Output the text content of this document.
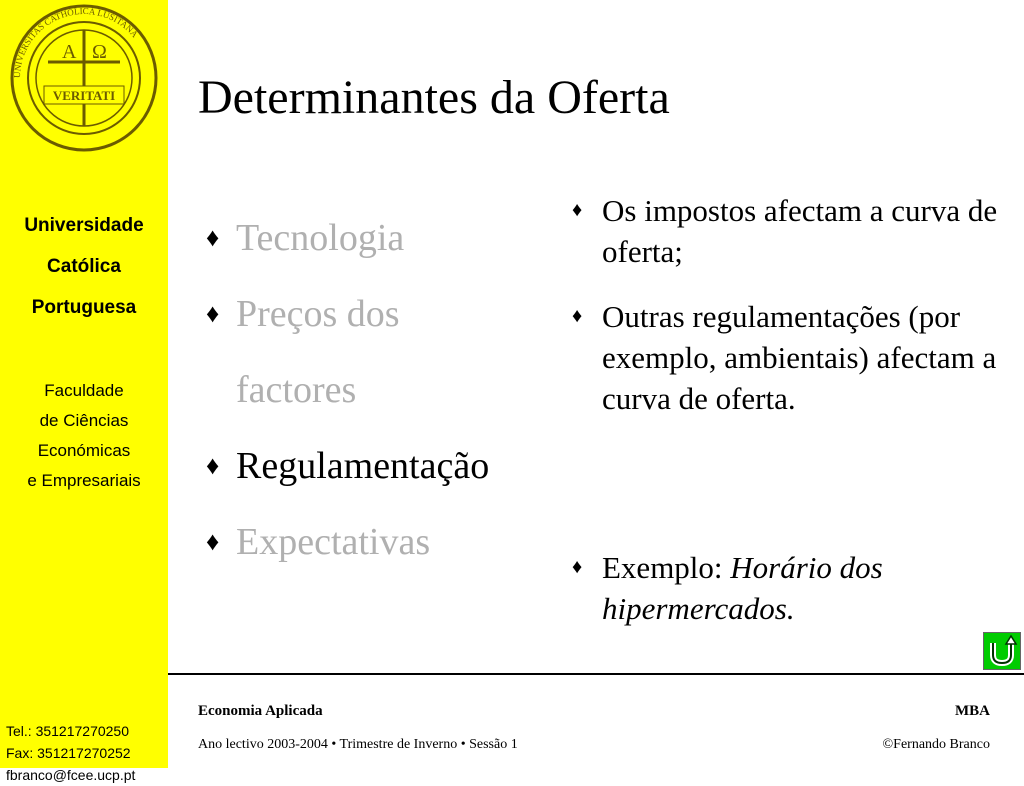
A Ω
VERITATI
UNIVERSITAS CATHOLICA LUSITANA
Universidade
Católica
Portuguesa
Faculdade
de Ciências
Económicas
e Empresariais
Tel.: 351217270250
Fax: 351217270252
fbranco@fcee.ucp.pt
Determinantes da Oferta
♦ Tecnologia
♦ Preços dos
factores
♦ Regulamentação
♦ Expectativas
♦ Os impostos afectam a curva de oferta;
♦ Outras regulamentações (por exemplo, ambientais) afectam a curva de oferta.
♦ Exemplo: Horário dos hipermercados.
Economia Aplicada	MBA
Ano lectivo 2003-2004 • Trimestre de Inverno • Sessão 1	©Fernando Branco
